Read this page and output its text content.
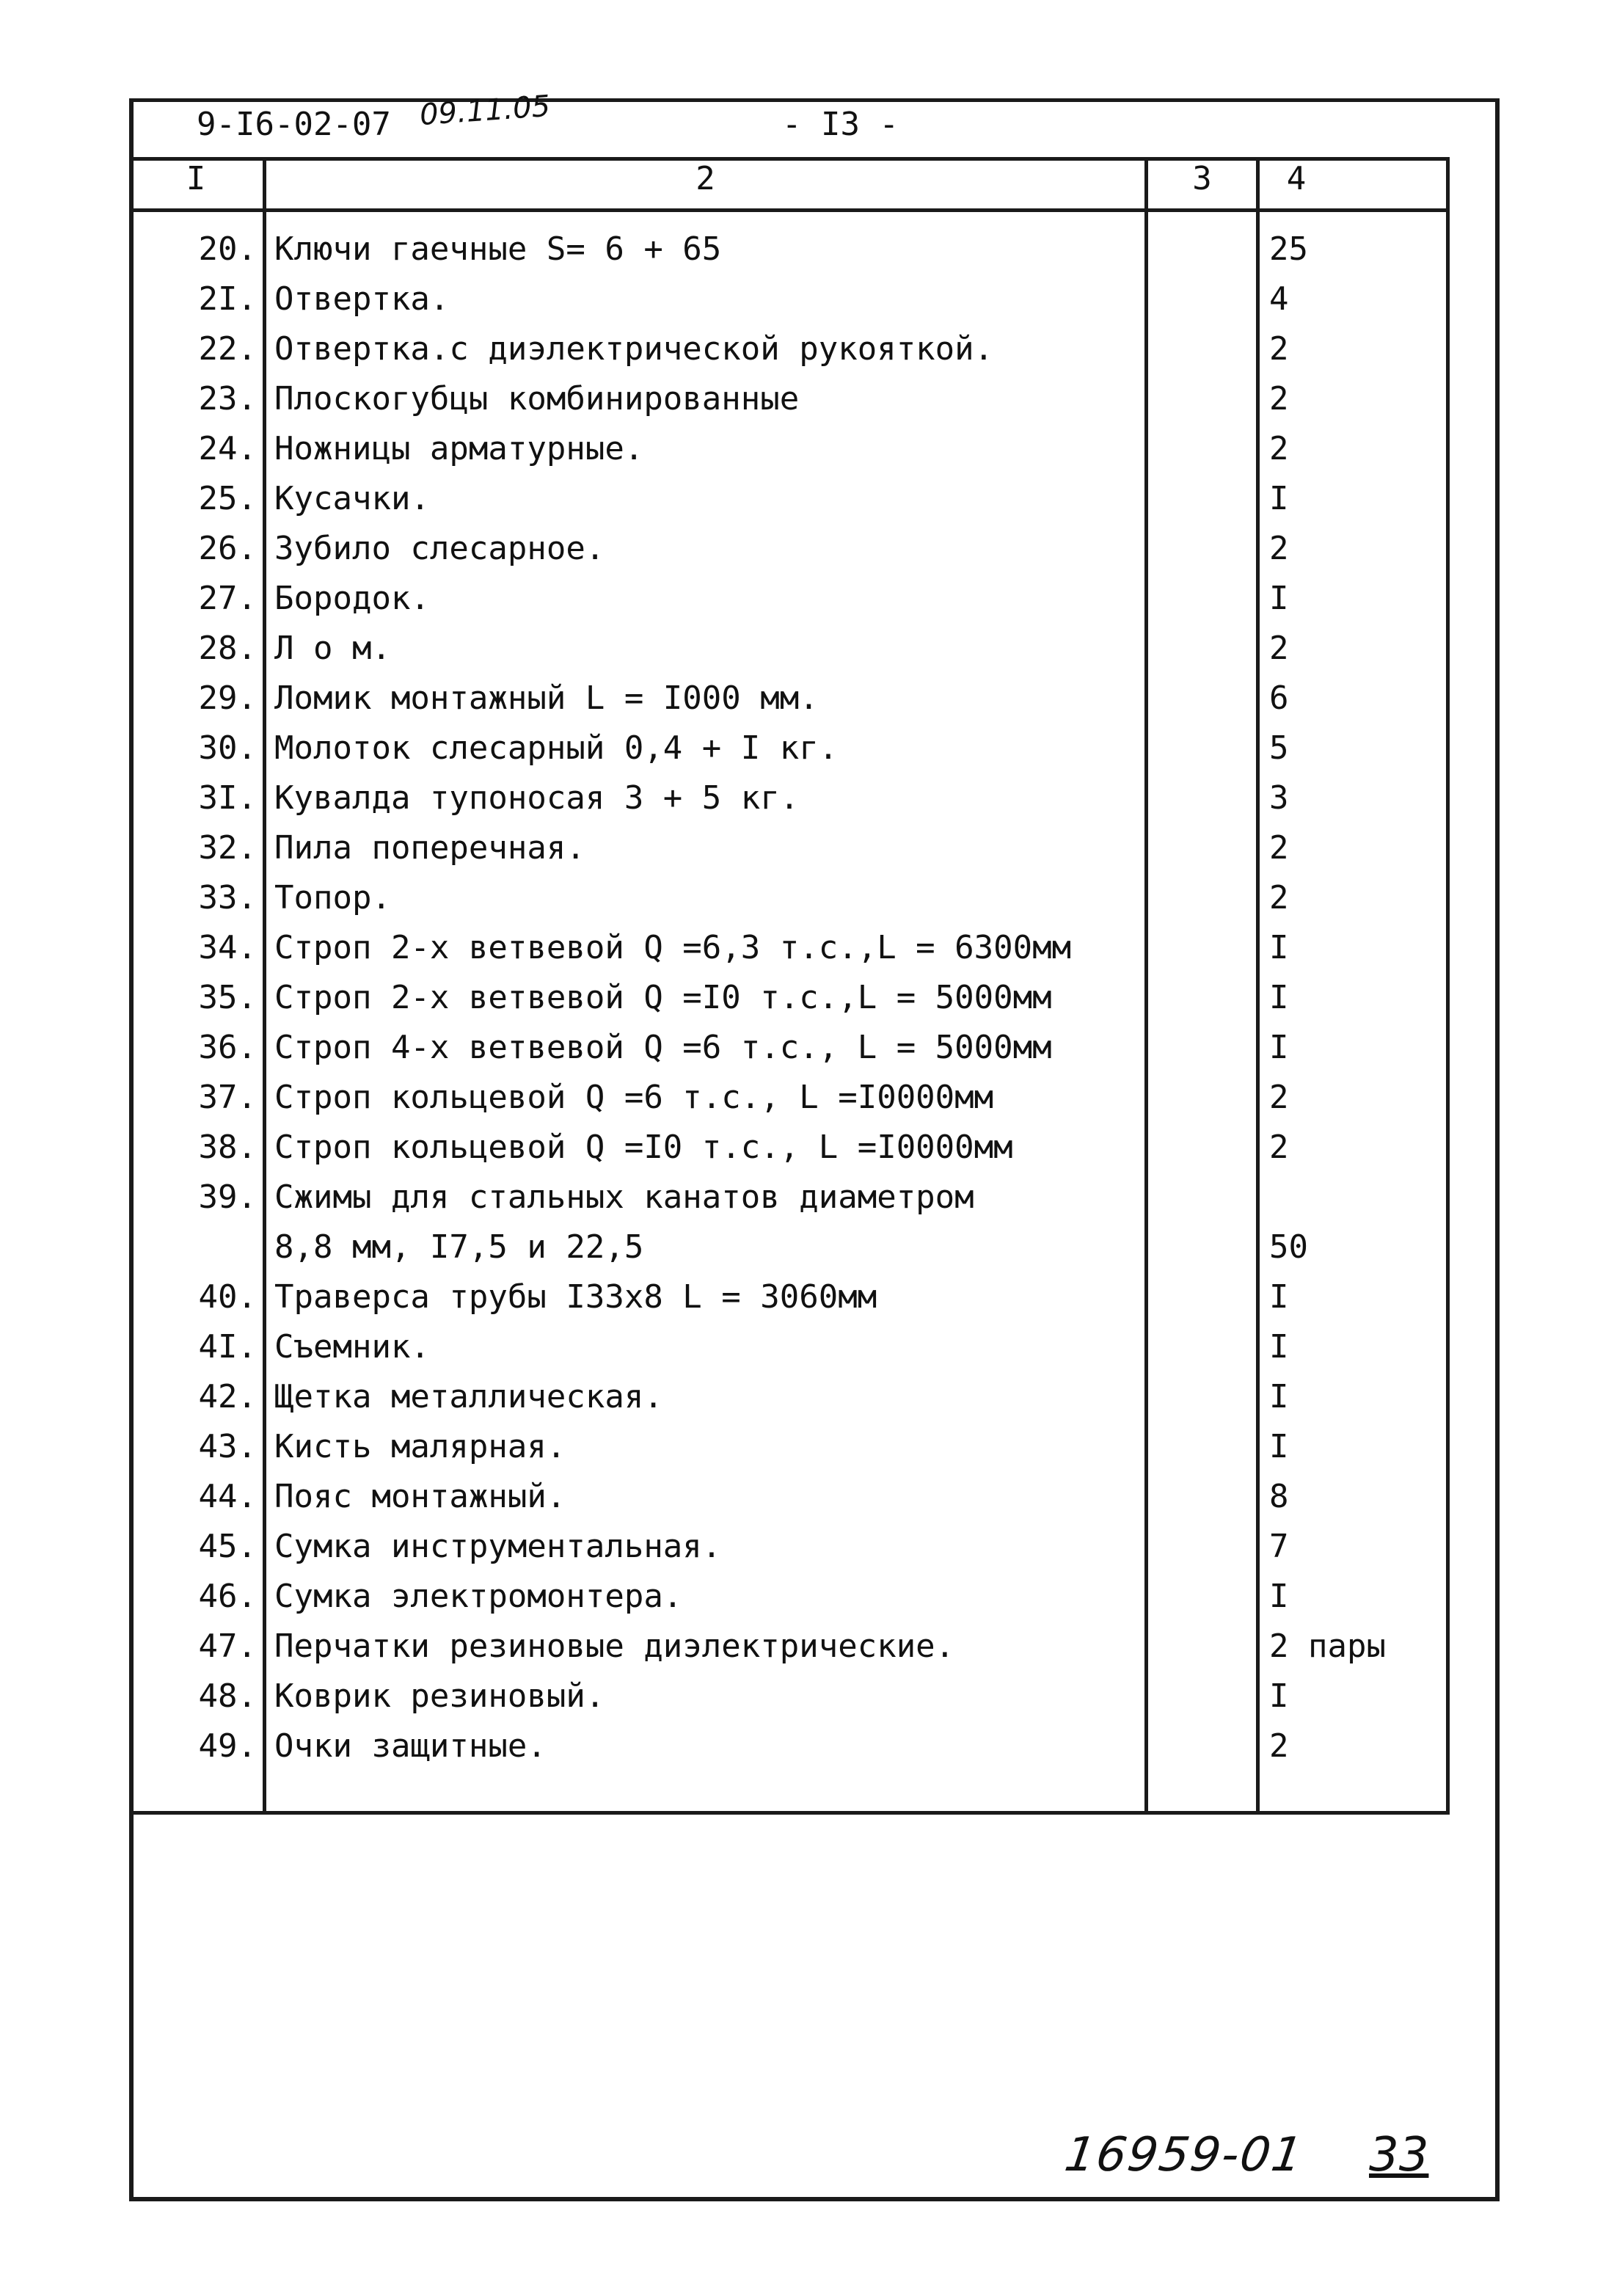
9-I6-02-07 09.11.05	- I3 -
I	2	3	4
20. Ключи гаечные S= 6 + 65	25
2I. Отвертка.	4
22. Отвертка.с диэлектрической рукояткой.	2
23. Плоскогубцы комбинированные	2
24. Ножницы арматурные.	2
25. Кусачки.	I
26. Зубило слесарное.	2
27. Бородок.	I
28. Л о м.	2
29. Ломик монтажный L = I000 мм.	6
30. Молоток слесарный 0,4 + I кг.	5
3I. Кувалда тупоносая 3 + 5 кг.	3
32. Пила поперечная.	2
33. Топор.	2
34. Строп 2-х ветвевой Q =6,3 т.с.,L = 6300мм	I
35. Строп 2-х ветвевой Q =I0 т.с.,L = 5000мм	I
36. Строп 4-х ветвевой Q =6 т.с., L = 5000мм	I
37. Строп кольцевой Q =6 т.с., L =I0000мм	2
38. Строп кольцевой Q =I0 т.с., L =I0000мм	2
39. Сжимы для стальных канатов диаметром
8,8 мм, I7,5 и 22,5	50
40. Траверса трубы I33x8 L = 3060мм	I
4I. Съемник.	I
42. Щетка металлическая.	I
43. Кисть малярная.	I
44. Пояс монтажный.	8
45. Сумка инструментальная.	7
46. Сумка электромонтера.	I
47. Перчатки резиновые диэлектрические.	2 пары
48. Коврик резиновый.	I
49. Очки защитные.	2
16959-01 33
